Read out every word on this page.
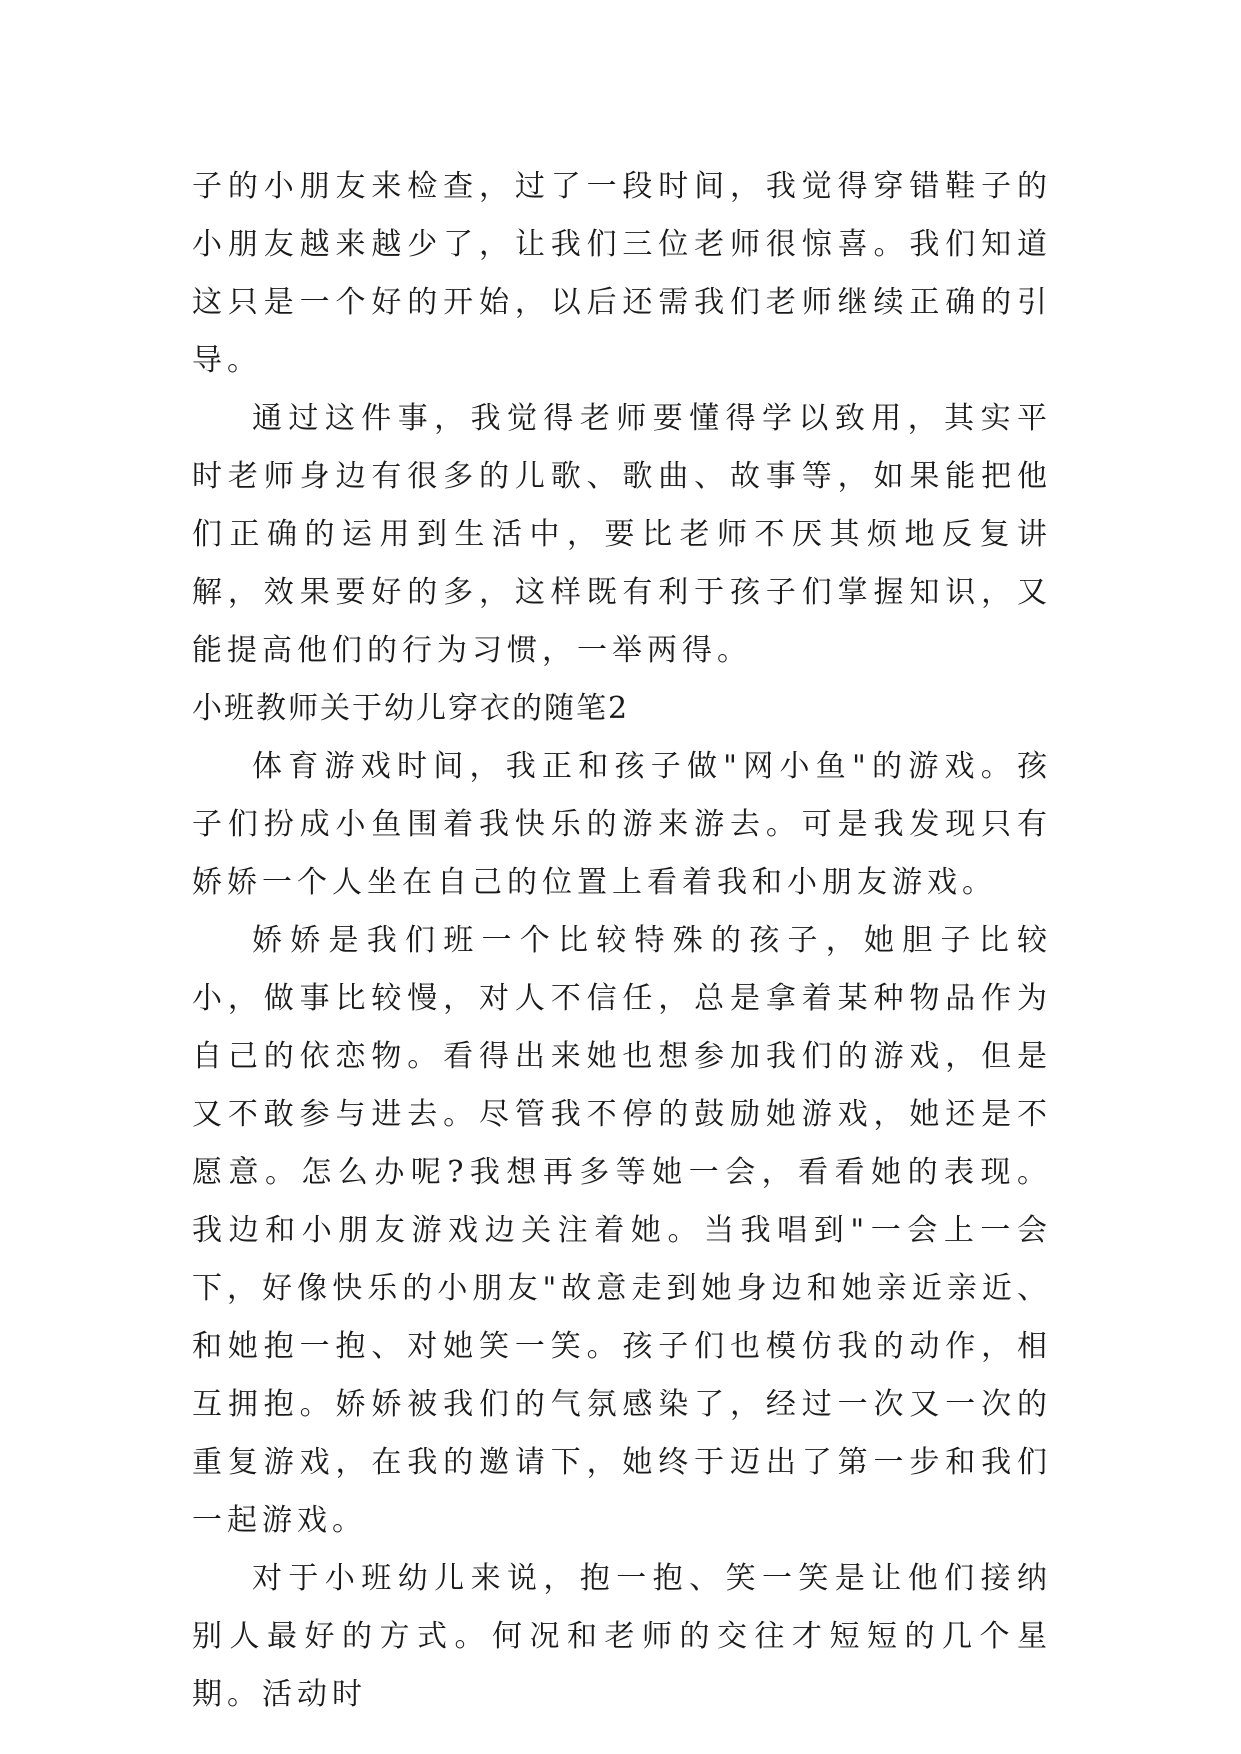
子的小朋友来检查，过了一段时间，我觉得穿错鞋子的小朋友越来越少了，让我们三位老师很惊喜。我们知道这只是一个好的开始，以后还需我们老师继续正确的引导。

通过这件事，我觉得老师要懂得学以致用，其实平时老师身边有很多的儿歌、歌曲、故事等，如果能把他们正确的运用到生活中，要比老师不厌其烦地反复讲解，效果要好的多，这样既有利于孩子们掌握知识，又能提高他们的行为习惯，一举两得。

小班教师关于幼儿穿衣的随笔2

体育游戏时间，我正和孩子做"网小鱼"的游戏。孩子们扮成小鱼围着我快乐的游来游去。可是我发现只有娇娇一个人坐在自己的位置上看着我和小朋友游戏。

娇娇是我们班一个比较特殊的孩子，她胆子比较小，做事比较慢，对人不信任，总是拿着某种物品作为自己的依恋物。看得出来她也想参加我们的游戏，但是又不敢参与进去。尽管我不停的鼓励她游戏，她还是不愿意。怎么办呢?我想再多等她一会，看看她的表现。我边和小朋友游戏边关注着她。当我唱到"一会上一会下，好像快乐的小朋友"故意走到她身边和她亲近亲近、和她抱一抱、对她笑一笑。孩子们也模仿我的动作，相互拥抱。娇娇被我们的气氛感染了，经过一次又一次的重复游戏，在我的邀请下，她终于迈出了第一步和我们一起游戏。

对于小班幼儿来说，抱一抱、笑一笑是让他们接纳别人最好的方式。何况和老师的交往才短短的几个星期。活动时
